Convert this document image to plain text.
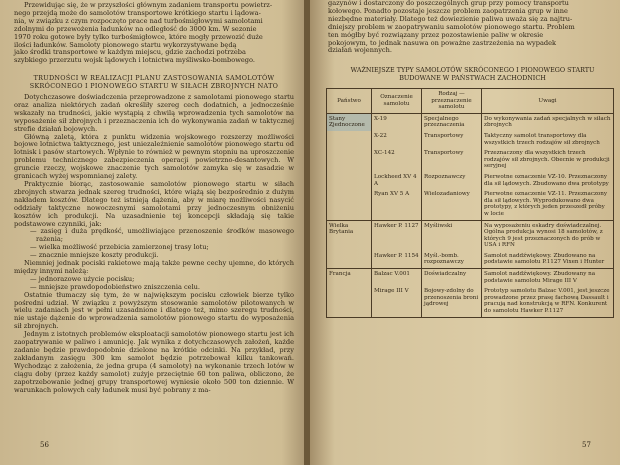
Przewidując się, że w przyszłości głównym zadaniem transportu powietrz-
nego przejdą może do samolotów transportowe krótkiego startu i lądowa-
nia, w związku z czym rozpoczęto prace nad turbośmigłowymi samolotami
zdolnymi do przewożenia ładunków na odległość do 3000 km. W sezonie
1970 roku gotowe były tylko turbośmigłowce, które mogły przewozić duże
ilości ładunków. Samoloty pionowego startu wykorzystywane będą
jako środki transportowe w każdym miejscu, gdzie zachodzi potrzeba
szybkiego przerzutu wojsk lądowych i lotnictwa myśliwsko-bombowego.
TRUDNOŚCI W REALIZACJI PLANU ZASTOSOWANIA SAMOLOTÓW
SKRÓCONEGO I PIONOWEGO STARTU W SIŁACH ZBROJNYCH NATO

Dotychczasowe doświadczenia przeprowadzone z samolotami pionowego startu oraz analiza niektórych zadań określiły szereg cech dodatnich, a jednocześnie wskazały na trudności, jakie wystąpią z chwilą wprowadzenia tych samolotów na wyposażenie sił zbrojnych i przeznaczenia ich do wykonywania zadań w taktycznej strefie działań bojowych.

Główną zaletą, która z punktu widzenia wojskowego rozszerzy możliwości bojowe lotnictwa taktycznego, jest uniezależnienie samolotów pionowego startu od lotnisk i pasów startowych. Wpłynie to również w pewnym stopniu na uproszczenie problemu technicznego zabezpieczenia operacji powietrzno-desantowych. W gruncie rzeczy, wojskowe znaczenie tych samolotów zamyka się w zasadzie w granicach wyżej wspomnianej zalety.

Praktycznie biorąc, zastosowanie samolotów pionowego startu w siłach zbrojnych stwarza jednak szereg trudności, które wiążą się bezpośrednio z dużym nakładem kosztów. Dlatego też istnieją dążenia, aby w miarę możliwości nasycić oddziały taktyczne nowoczesnymi samolotami przy jednoczesnym obniżeniu kosztów ich produkcji. Na uzasadnienie tej koncepcji składają się takie podstawowe czynniki, jak:

— zasięg i duża prędkość, umożliwiające przenoszenie środków masowego rażenia;
— wielka możliwość przebicia zamierzonej trasy lotu;
— znacznie mniejsze koszty produkcji.

Niemniej jednak pociski rakietowe mają także pewne cechy ujemne, do których między innymi należą:

— jednorazowe użycie pocisku;
— mniejsze prawdopodobieństwo zniszczenia celu.

Ostatnie tłumaczy się tym, że w największym pocisku człowiek bierze tylko pośredni udział. W związku z powyższym stosowanie samolotów pilotowanych w wielu zadaniach jest w pełni uzasadnione i dlatego też, mimo szeregu trudności, nie ustaje dążenie do wprowadzenia samolotów pionowego startu do wyposażenia sił zbrojnych.

Jednym z istotnych problemów eksploatacji samolotów pionowego startu jest ich zaopatrywanie w paliwo i amunicję. Jak wynika z dotychczasowych założeń, każde zadanie będzie prawdopodobnie dzielone na krótkie odcinki. Na przykład, przy zakładanym zasięgu 300 km samolot będzie potrzebował kilku tankowań. Wychodząc z założenia, że jedna grupa (4 samoloty) na wykonanie trzech lotów w ciągu doby (przez każdy samolot) zużyje przeciętnie 60 ton paliwa, obliczono, że zapotrzebowanie jednej grupy transportowej wyniesie około 500 ton dziennie. W warunkach polowych cały ładunek musi być pobrany z ma-

56
gazynów i dostarczony do poszczególnych grup przy pomocy transportu
kołowego. Ponadto pozostaje jeszcze problem zaopatrzenia grup w inne
niezbędne materiały. Dlatego też dowiezienie paliwa uważa się za najtru-
dniejszy problem w zaopatrywaniu samolotów pionowego startu. Problem
ten mógłby być rozwiązany przez pozostawienie paliw w okresie
pokojowym, to jednak nasuwa on poważne zastrzeżenia na wypadek
działań wojennych.
WAŻNIEJSZE TYPY SAMOLOTÓW SKRÓCONEGO I PIONOWEGO STARTU
BUDOWANE W PAŃSTWACH ZACHODNICH
Państwo	Oznaczenie samolotu	Rodzaj — przeznaczenie samolotu	Uwagi
Stany Zjednoczone	X-19	Specjalnego przeznaczenia	Do wykonywania zadań specjalnych w siłach zbrojnych
	X-22	Transportowy	Taktyczny samolot transportowy dla wszystkich trzech rodzajów sił zbrojnych
	XC-142	Transportowy	Przeznaczony dla wszystkich trzech rodzajów sił zbrojnych. Obecnie w produkcji seryjnej
	Lockheed XV 4 A	Rozpoznawczy	Pierwotne oznaczenie VZ-10. Przeznaczony dla sił lądowych. Zbudowano dwa prototypy
	Ryan XV 5 A	Wielozadaniowy	Pierwotne oznaczenie VZ-11. Przeznaczony dla sił lądowych. Wyprodukowano dwa prototypy, z których jeden przeszedł próby w locie
Wielka Brytania	Hawker P. 1127	Myśliwski	Na wyposażeniu eskadry doświadczalnej. Ogólna produkcja wynosi 18 samolotów, z których 9 jest przeznaczonych do prób w USA i RFN
	Hawker P. 1154	Myśl.-bomb. rozpoznawczy	Samolot naddźwiękowy. Zbudowano na podstawie samolotu P.1127 Vixen i Hunter
Francja	Balzac V.001	Doświadczalny	Samolot naddźwiękowy. Zbudowany na podstawie samolotu Mirage III V
	Mirage III V	Bojowy-zdolny do przenoszenia broni jądrowej	Prototyp samolotu Balzac V.001, jest jeszcze prowadzone przez prasę fachową Dassault i pracują nad konstrukcją w RFN. Konkurent do samolotu Hawker P.1127
57
